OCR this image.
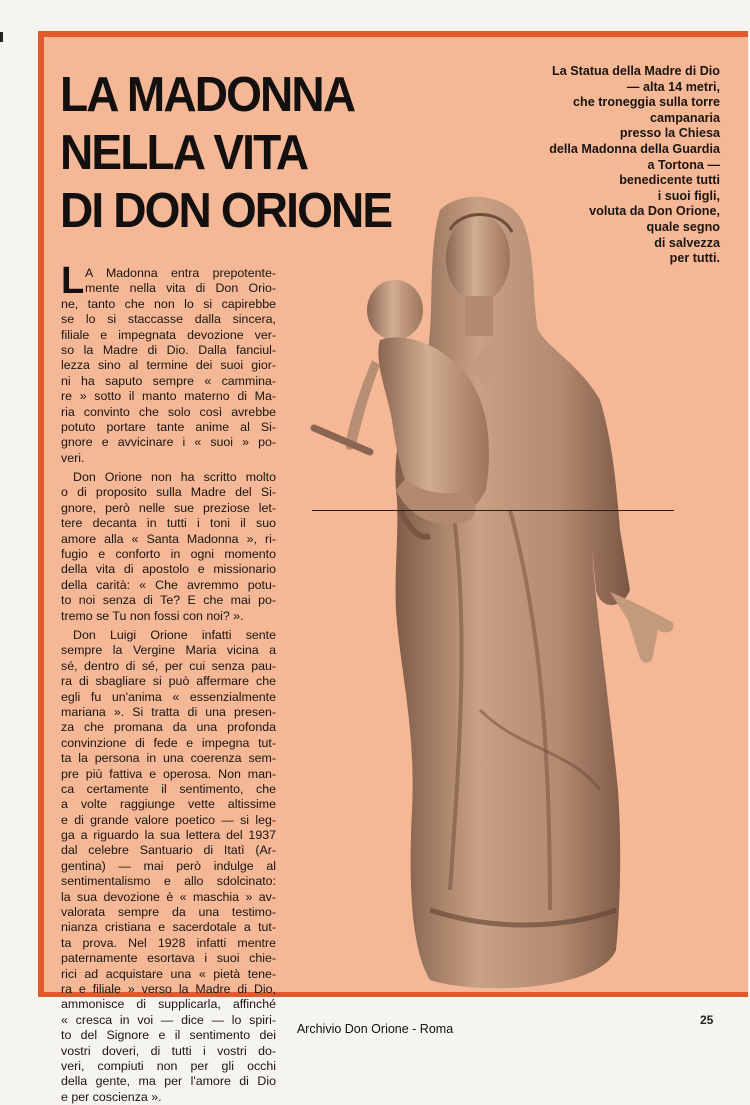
LA MADONNA
NELLA VITA
DI DON ORIONE
La Statua della Madre di Dio
— alta 14 metri,
che troneggia sulla torre
campanaria
presso la Chiesa
della Madonna della Guardia
a Tortona —
benedicente tutti
i suoi figli,
voluta da Don Orione,
quale segno
di salvezza
per tutti.
L A Madonna entra prepotente-
mente nella vita di Don Orio-
ne, tanto che non lo si capirebbe
se lo si staccasse dalla sincera,
filiale e impegnata devozione ver-
so la Madre di Dio. Dalla fanciul-
lezza sino al termine dei suoi gior-
ni ha saputo sempre « cammina-
re » sotto il manto materno di Ma-
ria convinto che solo così avrebbe
potuto portare tante anime al Si-
gnore e avvicinare i « suoi » po-
veri.
Don Orione non ha scritto molto
o di proposito sulla Madre del Si-
gnore, però nelle sue preziose let-
tere decanta in tutti i toni il suo
amore alla « Santa Madonna », ri-
fugio e conforto in ogni momento
della vita di apostolo e missionario
della carità: « Che avremmo potu-
to noi senza di Te? E che mai po-
tremo se Tu non fossi con noi? ».
Don Luigi Orione infatti sente
sempre la Vergine Maria vicina a
sé, dentro di sé, per cui senza pau-
ra di sbagliare si può affermare che
egli fu un'anima « essenzialmente
mariana ». Si tratta di una presen-
za che promana da una profonda
convinzione di fede e impegna tut-
ta la persona in una coerenza sem-
pre più fattiva e operosa. Non man-
ca certamente il sentimento, che
a volte raggiunge vette altissime
e di grande valore poetico — si leg-
ga a riguardo la sua lettera del 1937
dal celebre Santuario di Itatì (Ar-
gentina) — mai però indulge al
sentimentalismo e allo sdolcinato:
la sua devozione è « maschia » av-
valorata sempre da una testimo-
nianza cristiana e sacerdotale a tut-
ta prova. Nel 1928 infatti mentre
paternamente esortava i suoi chie-
rici ad acquistare una « pietà tene-
ra e filiale » verso la Madre di Dio,
ammonisce di supplicarla, affinché
« cresca in voi — dice — lo spiri-
to del Signore e il sentimento dei
vostri doveri, di tutti i vostri do-
veri, compiuti non per gli occhi
della gente, ma per l'amore di Dio
e per coscienza ».
25
Archivio Don Orione - Roma
